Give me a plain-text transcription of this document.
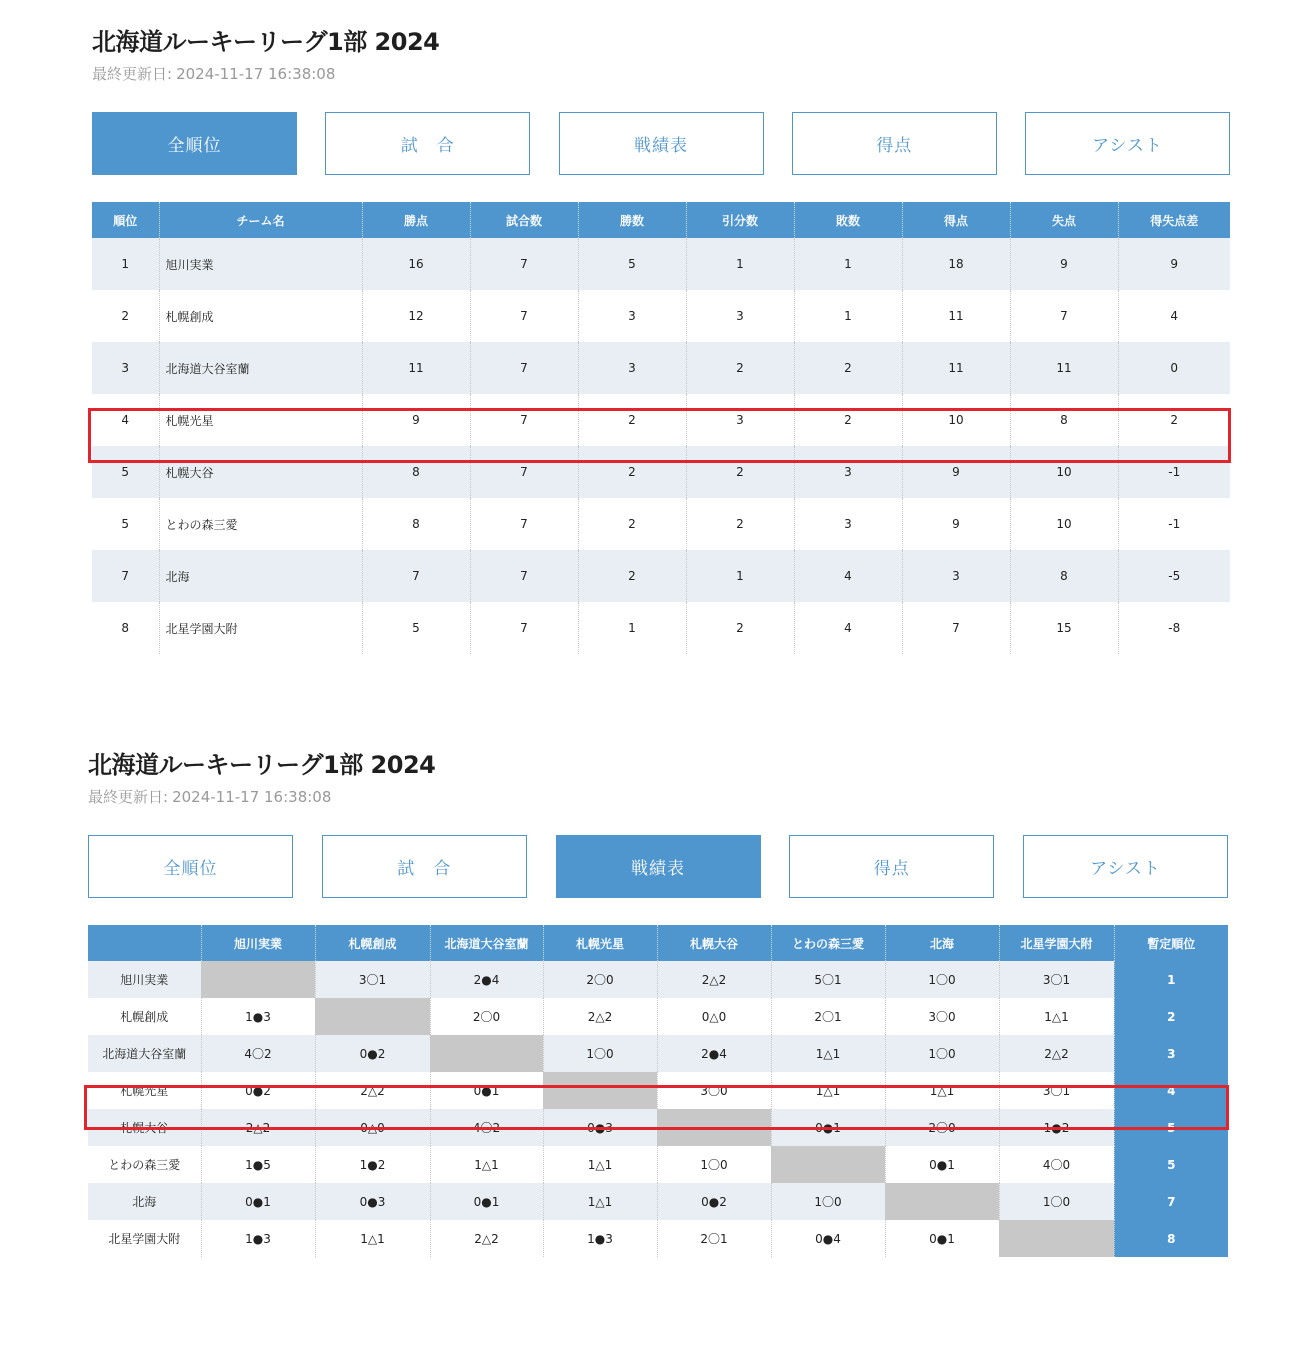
北海道ルーキーリーグ1部 2024
最終更新日: 2024-11-17 16:38:08
全順位	試　合	戦績表	得点	アシスト
順位	チーム名	勝点	試合数	勝数	引分数	敗数	得点	失点	得失点差
1	旭川実業	16	7	5	1	1	18	9	9
2	札幌創成	12	7	3	3	1	11	7	4
3	北海道大谷室蘭	11	7	3	2	2	11	11	0
4	札幌光星	9	7	2	3	2	10	8	2
5	札幌大谷	8	7	2	2	3	9	10	-1
5	とわの森三愛	8	7	2	2	3	9	10	-1
7	北海	7	7	2	1	4	3	8	-5
8	北星学園大附	5	7	1	2	4	7	15	-8
北海道ルーキーリーグ1部 2024
最終更新日: 2024-11-17 16:38:08
全順位	試　合	戦績表	得点	アシスト
	旭川実業	札幌創成	北海道大谷室蘭	札幌光星	札幌大谷	とわの森三愛	北海	北星学園大附	暫定順位
旭川実業		3〇1	2●4	2〇0	2△2	5〇1	1〇0	3〇1	1
札幌創成	1●3		2〇0	2△2	0△0	2〇1	3〇0	1△1	2
北海道大谷室蘭	4〇2	0●2		1〇0	2●4	1△1	1〇0	2△2	3
札幌光星	0●2	2△2	0●1		3〇0	1△1	1△1	3〇1	4
札幌大谷	2△2	0△0	4〇2	0●3		0●1	2〇0	1●2	5
とわの森三愛	1●5	1●2	1△1	1△1	1〇0		0●1	4〇0	5
北海	0●1	0●3	0●1	1△1	0●2	1〇0		1〇0	7
北星学園大附	1●3	1△1	2△2	1●3	2〇1	0●4	0●1		8
